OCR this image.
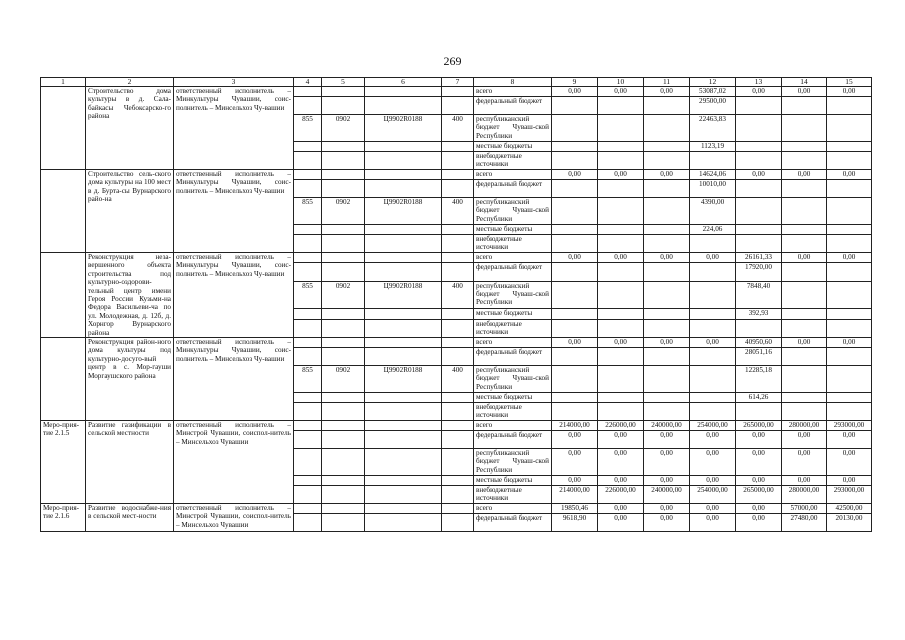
269
1	2	3	4	5	6	7	8	9	10	11	12	13	14	15
	Строительство дома культуры в д. Сала-байкасы Чебоксарско-го района	ответственный исполнитель – Минкультуры Чувашии, соис-полнитель – Минсельхоз Чу-вашии					всего	0,00	0,00	0,00	53087,02	0,00	0,00	0,00
							федеральный бюджет				29500,00			
			855	0902	Ц9902R0188	400	республиканский бюджет Чуваш-ской Республики				22463,83			
							местные бюджеты				1123,19			
							внебюджетные источники							
	Строительство сель-ского дома культуры на 100 мест в д. Бурта-сы Вурнарского райо-на	ответственный исполнитель – Минкультуры Чувашии, соис-полнитель – Минсельхоз Чу-вашии					всего	0,00	0,00	0,00	14624,06	0,00	0,00	0,00
							федеральный бюджет				10010,00			
			855	0902	Ц9902R0188	400	республиканский бюджет Чуваш-ской Республики				4390,00			
							местные бюджеты				224,06			
							внебюджетные источники							
	Реконструкция неза-вершенного объекта строительства под культурно-оздорови-тельный центр имени Героя России Кузьми-на Федора Васильеви-ча по ул. Молодежная, д. 12б, д. Хорнгор Вурнарского района	ответственный исполнитель – Минкультуры Чувашии, соис-полнитель – Минсельхоз Чу-вашии					всего	0,00	0,00	0,00	0,00	26161,33	0,00	0,00
							федеральный бюджет					17920,00		
			855	0902	Ц9902R0188	400	республиканский бюджет Чуваш-ской Республики					7848,40		
							местные бюджеты					392,93		
							внебюджетные источники							
	Реконструкция район-ного дома культуры под культурно-досуго-вый центр в с. Мор-гауши Моргаушского района	ответственный исполнитель – Минкультуры Чувашии, соис-полнитель – Минсельхоз Чу-вашии					всего	0,00	0,00	0,00	0,00	40950,60	0,00	0,00
							федеральный бюджет					28051,16		
			855	0902	Ц9902R0188	400	республиканский бюджет Чуваш-ской Республики					12285,18		
							местные бюджеты					614,26		
							внебюджетные источники							
Меро-прия-тие 2.1.5	Развитие газификации в сельской местности	ответственный исполнитель – Минстрой Чувашии, соиспол-нитель – Минсельхоз Чувашии					всего	214000,00	226000,00	240000,00	254000,00	265000,00	280000,00	293000,00
							федеральный бюджет	0,00	0,00	0,00	0,00	0,00	0,00	0,00
							республиканский бюджет Чуваш-ской Республики	0,00	0,00	0,00	0,00	0,00	0,00	0,00
							местные бюджеты	0,00	0,00	0,00	0,00	0,00	0,00	0,00
							внебюджетные источники	214000,00	226000,00	240000,00	254000,00	265000,00	280000,00	293000,00
Меро-прия-тие 2.1.6	Развитие водоснабже-ния в сельской мест-ности	ответственный исполнитель – Минстрой Чувашии, соиспол-нитель – Минсельхоз Чувашии					всего	19850,46	0,00	0,00	0,00	0,00	57000,00	42500,00
							федеральный бюджет	9618,90	0,00	0,00	0,00	0,00	27480,00	20130,00
